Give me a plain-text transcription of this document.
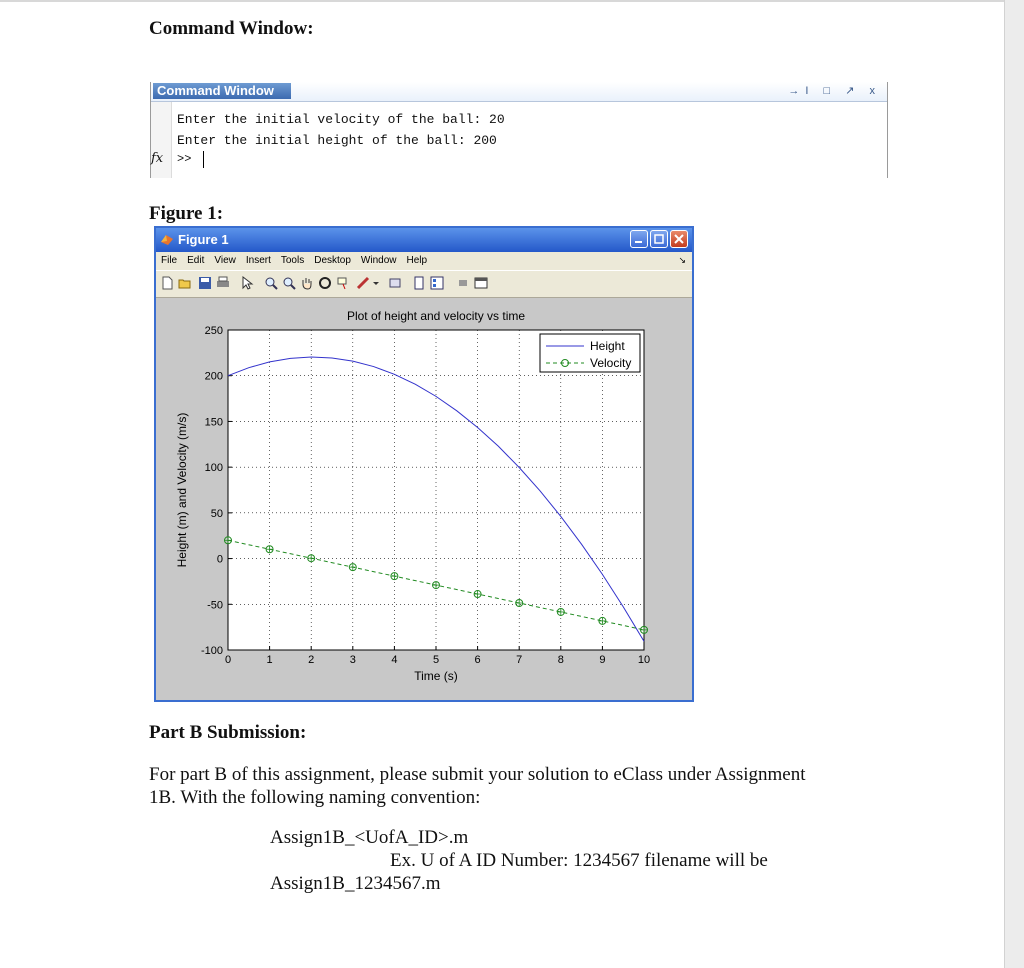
Command Window:
Command Window	→I □ ↗ x
Enter the initial velocity of the ball: 20
Enter the initial height of the ball: 200
fx >>
Figure 1:
Figure 1
File Edit View Insert Tools Desktop Window Help	↘
0	1	2	3	4	5	6	7	8	9	10
250
200
150
100
50
0
-50
-100
Plot of height and velocity vs time
Time (s)
Height (m) and Velocity (m/s)
Height
Velocity
Part B Submission:
For part B of this assignment, please submit your solution to eClass under Assignment
1B. With the following naming convention:
Assign1B_<UofA_ID>.m
Ex. U of A ID Number: 1234567 filename will be
Assign1B_1234567.m
